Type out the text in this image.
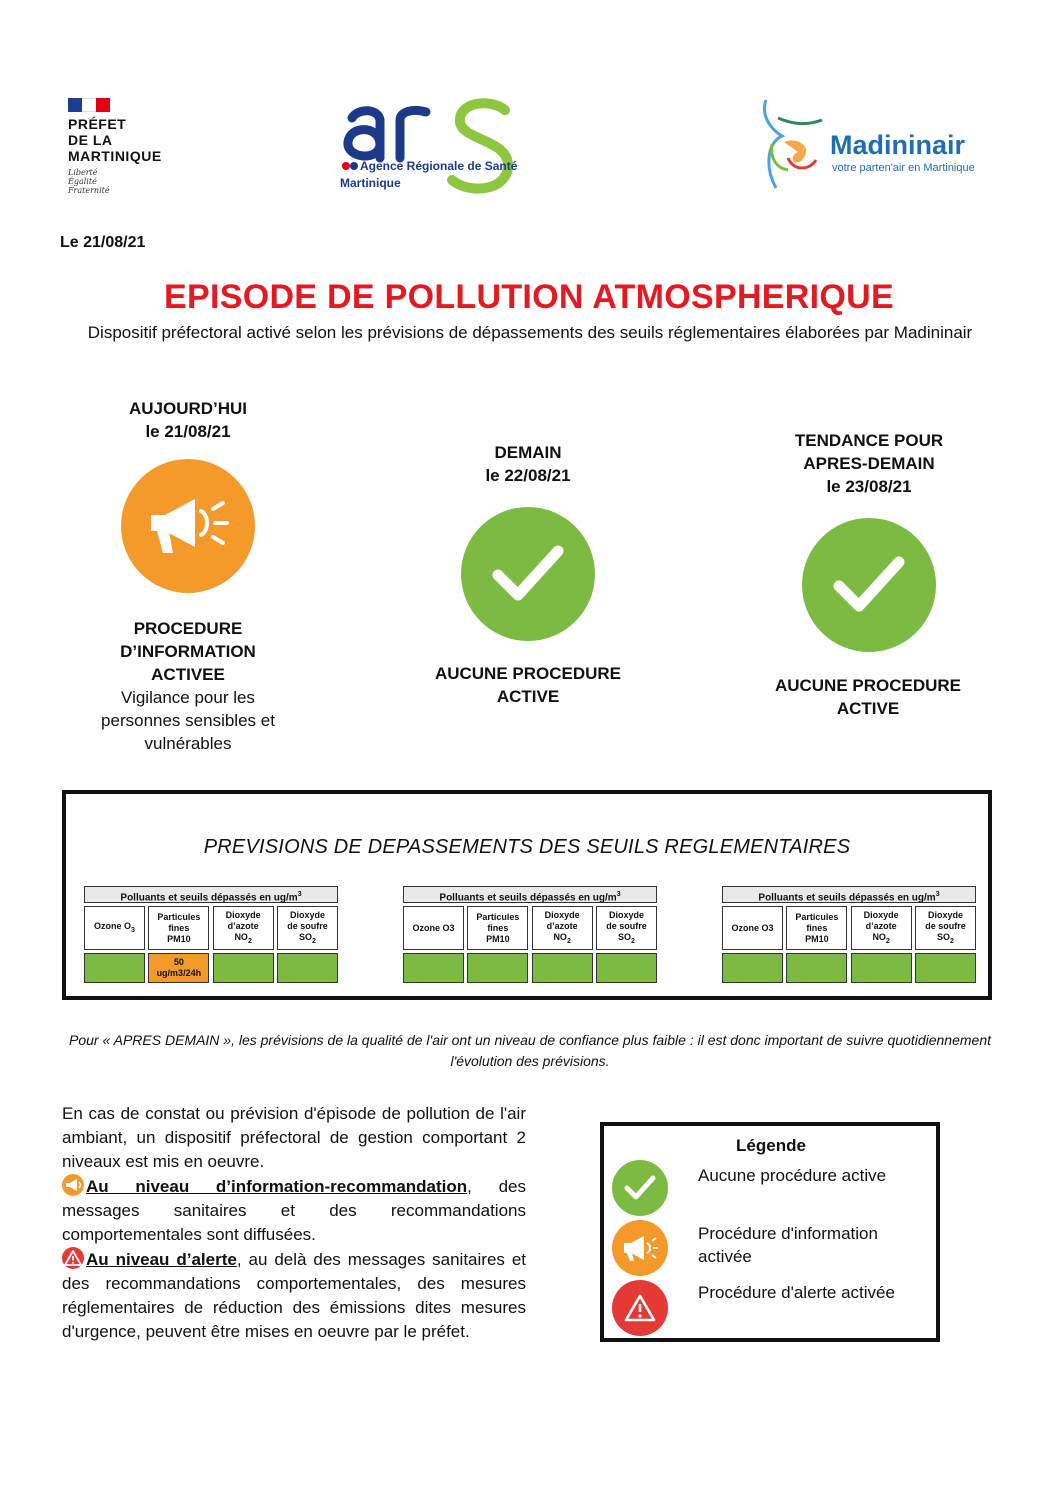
PRÉFET
DE LA
MARTINIQUE
Liberté
Égalité
Fraternité
Agence Régionale de Santé
Martinique
Madininair
votre parten'air en Martinique
Le 21/08/21
EPISODE DE POLLUTION ATMOSPHERIQUE
Dispositif préfectoral activé selon les prévisions de dépassements des seuils réglementaires élaborées par Madininair
AUJOURD’HUI
le 21/08/21
PROCEDURE
D’INFORMATION
ACTIVEE
Vigilance pour les
personnes sensibles et
vulnérables
DEMAIN
le 22/08/21
AUCUNE PROCEDURE
ACTIVE
TENDANCE POUR
APRES-DEMAIN
le 23/08/21
AUCUNE PROCEDURE
ACTIVE
PREVISIONS DE DEPASSEMENTS DES SEUILS REGLEMENTAIRES
Polluants et seuils dépassés en $ug/m^3$
Ozone $O_3$
Particules
fines
PM10
Dioxyde
d’azote
$NO_2$
Dioxyde
de soufre
$SO_2$
50
ug/m3/24h
Polluants et seuils dépassés en $ug/m^3$
Ozone O3
Particules
fines
PM10
Dioxyde
d’azote
$NO_2$
Dioxyde
de soufre
$SO_2$
Polluants et seuils dépassés en $ug/m^3$
Ozone O3
Particules
fines
PM10
Dioxyde
d’azote
$NO_2$
Dioxyde
de soufre
$SO_2$
Pour « APRES DEMAIN », les prévisions de la qualité de l'air ont un niveau de confiance plus faible : il est donc important de suivre quotidiennement l'évolution des prévisions.
En cas de constat ou prévision d'épisode de pollution de l'air ambiant, un dispositif préfectoral de gestion comportant 2 niveaux est mis en oeuvre.
Au niveau d’information-recommandation, des messages sanitaires et des recommandations comportementales sont diffusées.
Au niveau d’alerte, au delà des messages sanitaires et des recommandations comportementales, des mesures réglementaires de réduction des émissions dites mesures d'urgence, peuvent être mises en oeuvre par le préfet.
Légende
Aucune procédure active
Procédure d'information
activée
Procédure d'alerte activée
